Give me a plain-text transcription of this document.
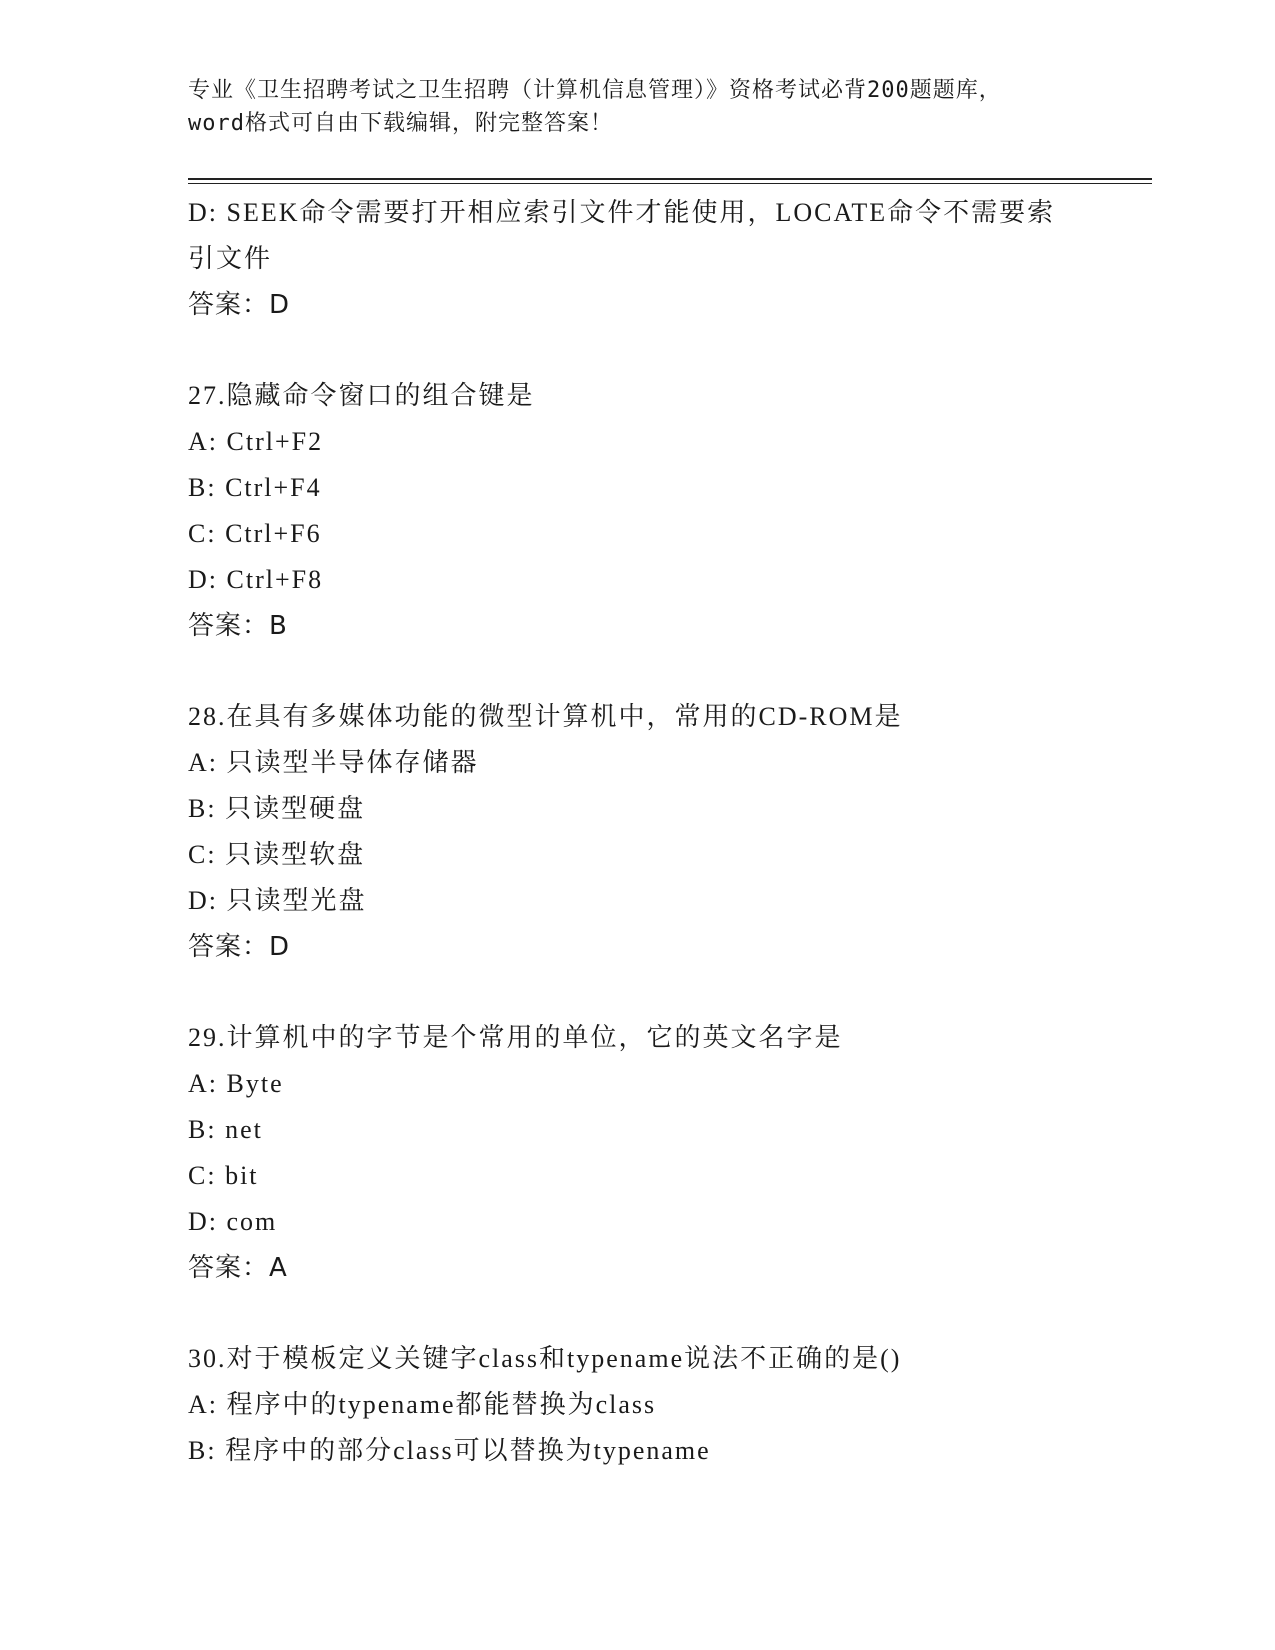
专业《卫生招聘考试之卫生招聘（计算机信息管理）》资格考试必背200题题库，
word格式可自由下载编辑，附完整答案！
D: SEEK命令需要打开相应索引文件才能使用，LOCATE命令不需要索
引文件
答案：D
27.隐藏命令窗口的组合键是
A: Ctrl+F2
B: Ctrl+F4
C: Ctrl+F6
D: Ctrl+F8
答案：B
28.在具有多媒体功能的微型计算机中，常用的CD-ROM是
A: 只读型半导体存储器
B: 只读型硬盘
C: 只读型软盘
D: 只读型光盘
答案：D
29.计算机中的字节是个常用的单位，它的英文名字是
A: Byte
B: net
C: bit
D: com
答案：A
30.对于模板定义关键字class和typename说法不正确的是()
A: 程序中的typename都能替换为class
B: 程序中的部分class可以替换为typename
